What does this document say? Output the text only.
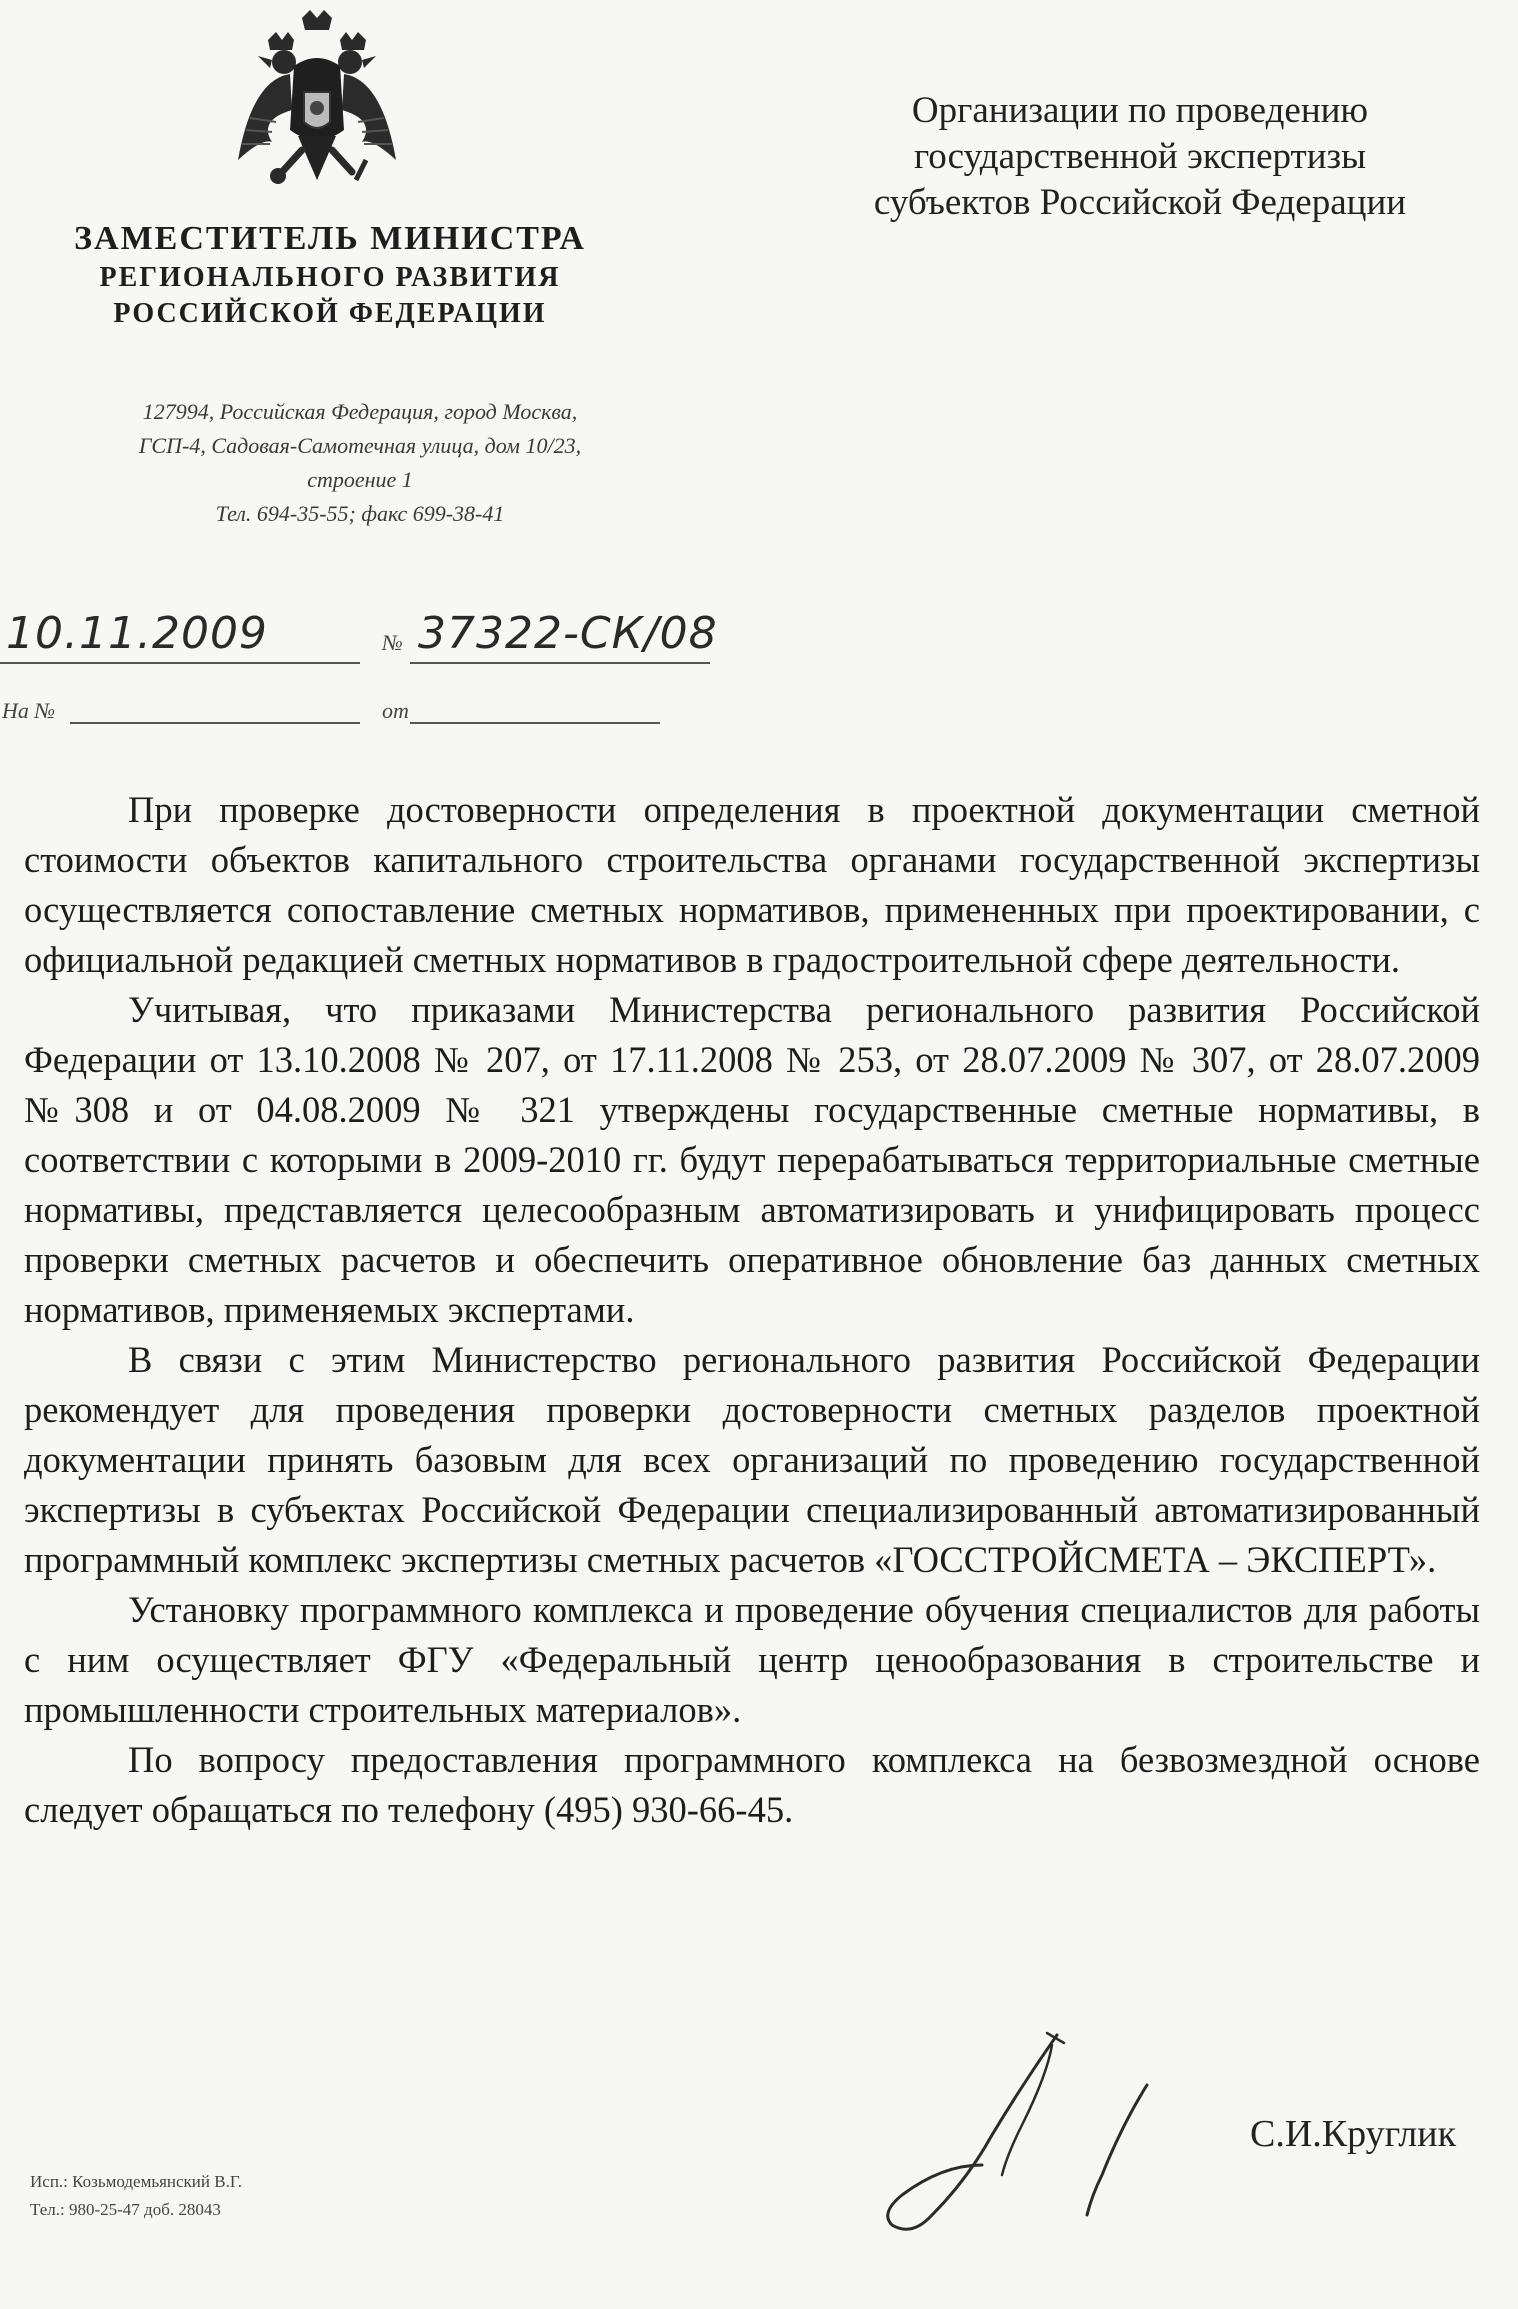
Организации по проведению
государственной экспертизы
субъектов Российской Федерации
ЗАМЕСТИТЕЛЬ МИНИСТРА
РЕГИОНАЛЬНОГО РАЗВИТИЯ
РОССИЙСКОЙ ФЕДЕРАЦИИ
127994, Российская Федерация, город Москва,
ГСП-4, Садовая-Самотечная улица, дом 10/23,
строение 1
Тел. 694-35-55; факс 699-38-41
10.11.2009	№ 37322-СК/08
На №	от

При проверке достоверности определения в проектной документации сметной стоимости объектов капитального строительства органами государственной экспертизы осуществляется сопоставление сметных нормативов, примененных при проектировании, с официальной редакцией сметных нормативов в градостроительной сфере деятельности.

Учитывая, что приказами Министерства регионального развития Российской Федерации от 13.10.2008 № 207, от 17.11.2008 № 253, от 28.07.2009 № 307, от 28.07.2009 №308 и от 04.08.2009 № 321 утверждены государственные сметные нормативы, в соответствии с которыми в 2009-2010 гг. будут перерабатываться территориальные сметные нормативы, представляется целесообразным автоматизировать и унифицировать процесс проверки сметных расчетов и обеспечить оперативное обновление баз данных сметных нормативов, применяемых экспертами.

В связи с этим Министерство регионального развития Российской Федерации рекомендует для проведения проверки достоверности сметных разделов проектной документации принять базовым для всех организаций по проведению государственной экспертизы в субъектах Российской Федерации специализированный автоматизированный программный комплекс экспертизы сметных расчетов «ГОССТРОЙСМЕТА – ЭКСПЕРТ».

Установку программного комплекса и проведение обучения специалистов для работы с ним осуществляет ФГУ «Федеральный центр ценообразования в строительстве и промышленности строительных материалов».

По вопросу предоставления программного комплекса на безвозмездной основе следует обращаться по телефону (495) 930-66-45.

С.И.Круглик
Исп.: Козьмодемьянский В.Г.
Тел.: 980-25-47 доб. 28043
